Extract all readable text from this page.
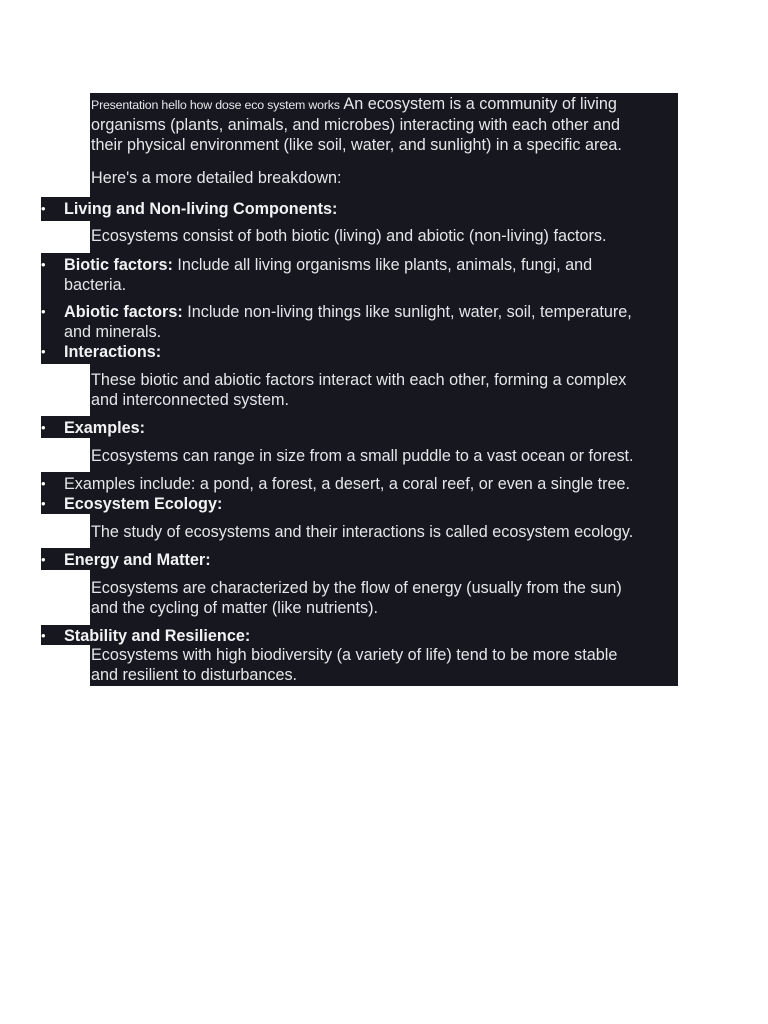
Presentation hello how dose eco system works An ecosystem is a community of living
organisms (plants, animals, and microbes) interacting with each other and
their physical environment (like soil, water, and sunlight) in a specific area.
Here's a more detailed breakdown:
• Living and Non-living Components:
Ecosystems consist of both biotic (living) and abiotic (non-living) factors.
• Biotic factors: Include all living organisms like plants, animals, fungi, and
bacteria.
• Abiotic factors: Include non-living things like sunlight, water, soil, temperature,
and minerals.
• Interactions:
These biotic and abiotic factors interact with each other, forming a complex
and interconnected system.
• Examples:
Ecosystems can range in size from a small puddle to a vast ocean or forest.
• Examples include: a pond, a forest, a desert, a coral reef, or even a single tree.
• Ecosystem Ecology:
The study of ecosystems and their interactions is called ecosystem ecology.
• Energy and Matter:
Ecosystems are characterized by the flow of energy (usually from the sun)
and the cycling of matter (like nutrients).
• Stability and Resilience:
Ecosystems with high biodiversity (a variety of life) tend to be more stable
and resilient to disturbances.
